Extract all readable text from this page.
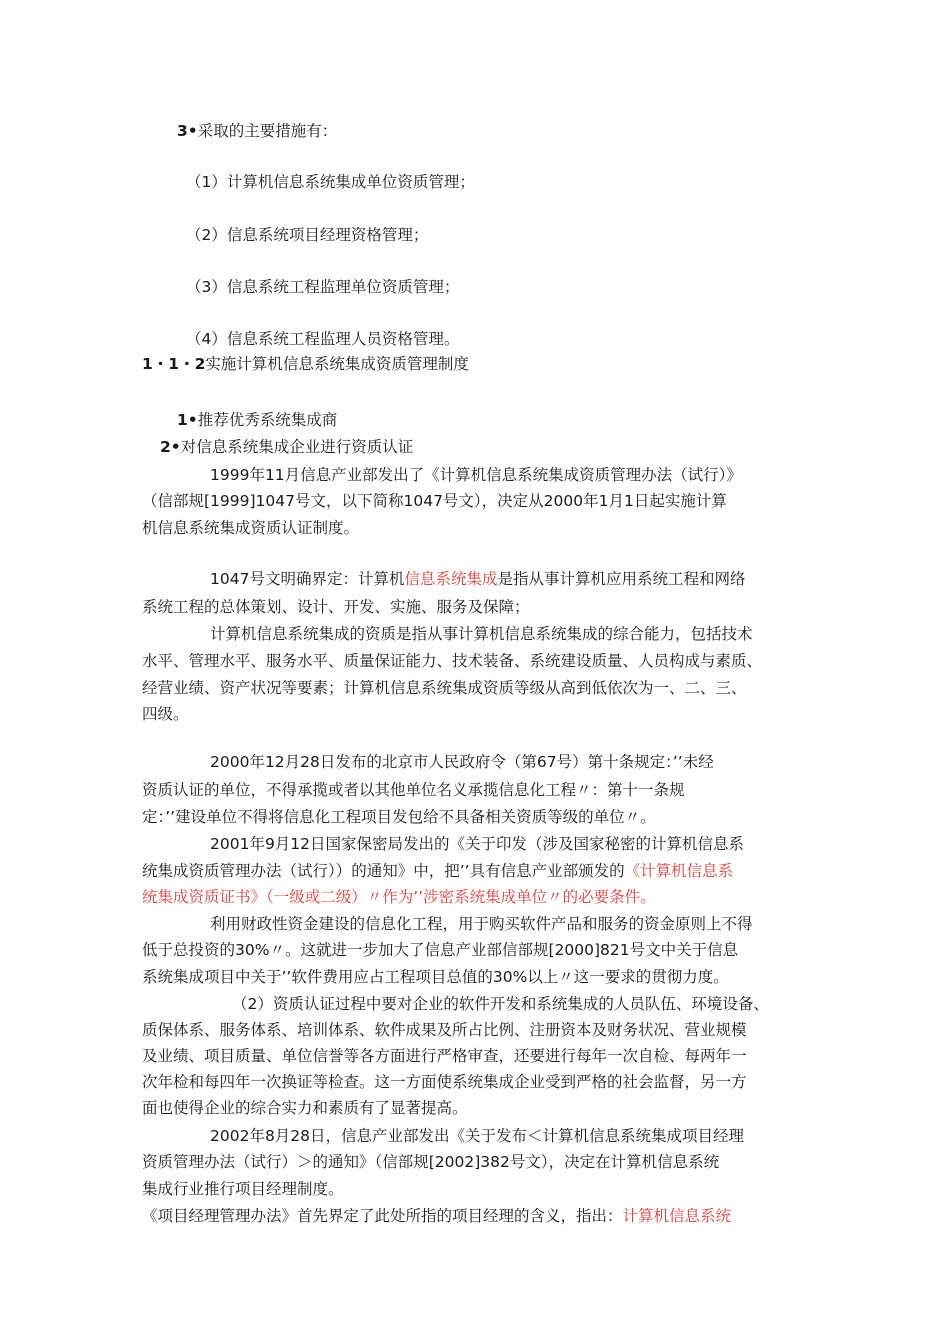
3•采取的主要措施有：
（1）计算机信息系统集成单位资质管理；
（2）信息系统项目经理资格管理；
（3）信息系统工程监理单位资质管理；
（4）信息系统工程监理人员资格管理。
1・1・2实施计算机信息系统集成资质管理制度
1•推荐优秀系统集成商
2•对信息系统集成企业进行资质认证
1999年11月信息产业部发出了《计算机信息系统集成资质管理办法（试行）》
（信部规[1999]1047号文，以下简称1047号文），决定从2000年1月1日起实施计算
机信息系统集成资质认证制度。
1047号文明确界定：计算机信息系统集成是指从事计算机应用系统工程和网络
系统工程的总体策划、设计、开发、实施、服务及保障；
计算机信息系统集成的资质是指从事计算机信息系统集成的综合能力，包括技术
水平、管理水平、服务水平、质量保证能力、技术装备、系统建设质量、人员构成与素质、
经营业绩、资产状况等要素；计算机信息系统集成资质等级从高到低依次为一、二、三、
四级。
2000年12月28日发布的北京市人民政府令（第67号）第十条规定：’’未经
资质认证的单位，不得承揽或者以其他单位名义承揽信息化工程〃：第十一条规
定：’’建设单位不得将信息化工程项目发包给不具备相关资质等级的单位〃。
2001年9月12日国家保密局发出的《关于印发（涉及国家秘密的计算机信息系
统集成资质管理办法（试行））的通知》中，把’’具有信息产业部颁发的《计算机信息系
统集成资质证书》（一级或二级）〃作为’’涉密系统集成单位〃的必要条件。
利用财政性资金建设的信息化工程，用于购买软件产品和服务的资金原则上不得
低于总投资的30%〃。这就进一步加大了信息产业部信部规[2000]821号文中关于信息
系统集成项目中关于’’软件费用应占工程项目总值的30%以上〃这一要求的贯彻力度。
（2）资质认证过程中要对企业的软件开发和系统集成的人员队伍、环境设备、
质保体系、服务体系、培训体系、软件成果及所占比例、注册资本及财务状况、营业规模
及业绩、项目质量、单位信誉等各方面进行严格审查，还要进行每年一次自检、每两年一
次年检和每四年一次换证等检查。这一方面使系统集成企业受到严格的社会监督，另一方
面也使得企业的综合实力和素质有了显著提高。
2002年8月28日，信息产业部发出《关于发布＜计算机信息系统集成项目经理
资质管理办法（试行）＞的通知》（信部规[2002]382号文），决定在计算机信息系统
集成行业推行项目经理制度。
《项目经理管理办法》首先界定了此处所指的项目经理的含义，指出：计算机信息系统
